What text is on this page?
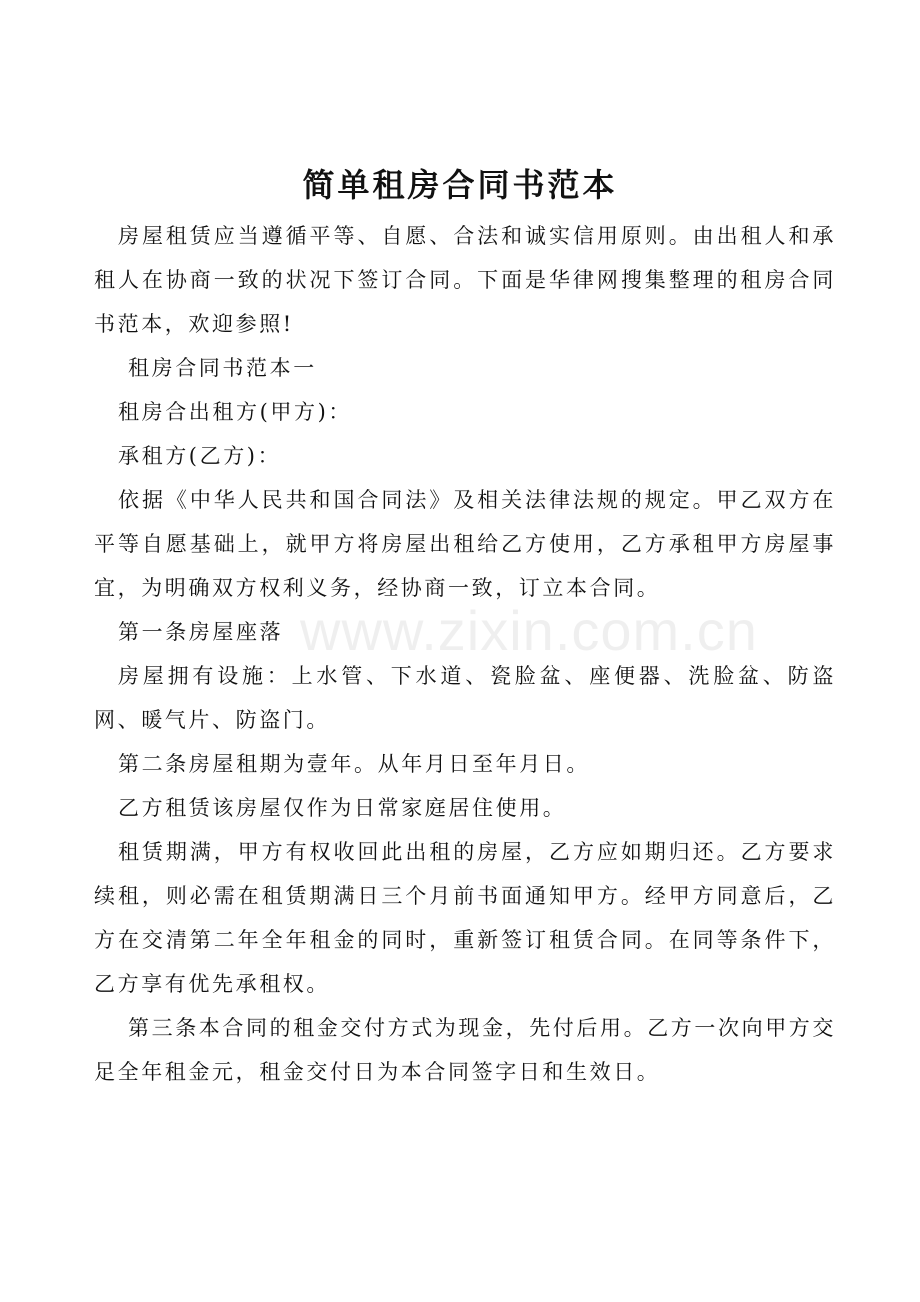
简单租房合同书范本

房屋租赁应当遵循平等、自愿、合法和诚实信用原则。由出租人和承租人在协商一致的状况下签订合同。下面是华律网搜集整理的租房合同书范本，欢迎参照!

租房合同书范本一

租房合出租方(甲方)：

承租方(乙方)：

依据《中华人民共和国合同法》及相关法律法规的规定。甲乙双方在平等自愿基础上，就甲方将房屋出租给乙方使用，乙方承租甲方房屋事宜，为明确双方权利义务，经协商一致，订立本合同。

第一条房屋座落

房屋拥有设施：上水管、下水道、瓷脸盆、座便器、洗脸盆、防盗网、暖气片、防盗门。

第二条房屋租期为壹年。从年月日至年月日。

乙方租赁该房屋仅作为日常家庭居住使用。

租赁期满，甲方有权收回此出租的房屋，乙方应如期归还。乙方要求续租，则必需在租赁期满日三个月前书面通知甲方。经甲方同意后，乙方在交清第二年全年租金的同时，重新签订租赁合同。在同等条件下，乙方享有优先承租权。

第三条本合同的租金交付方式为现金，先付后用。乙方一次向甲方交足全年租金元，租金交付日为本合同签字日和生效日。

www.zixin.com.cn
